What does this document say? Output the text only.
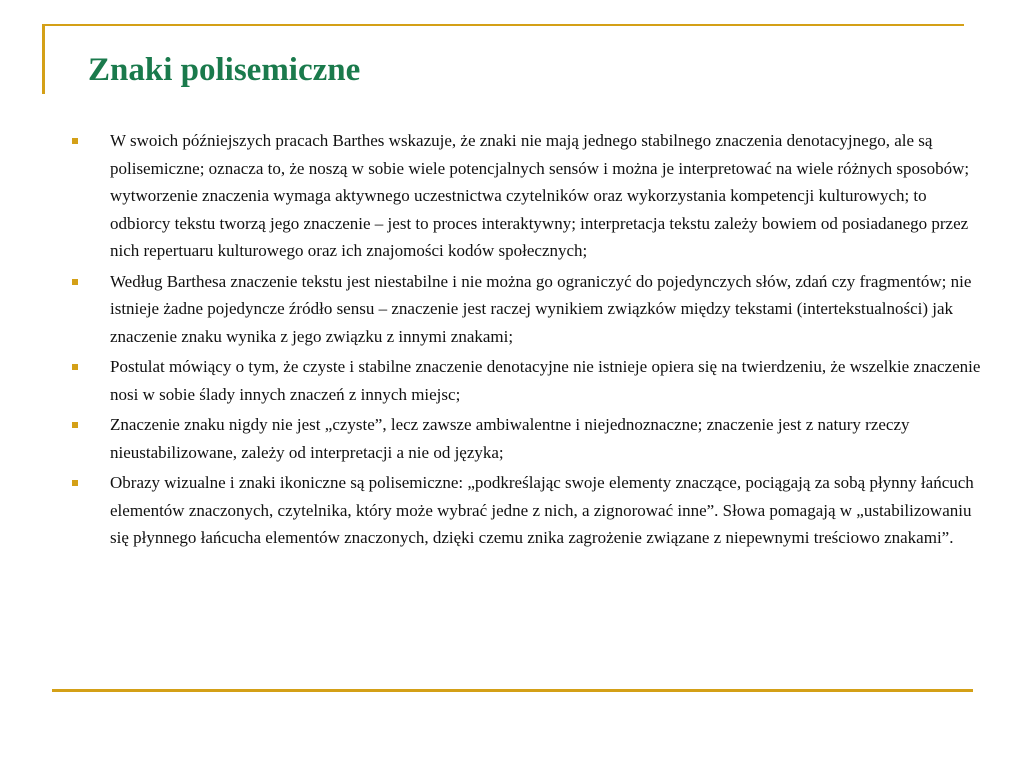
Znaki polisemiczne
W swoich późniejszych pracach Barthes wskazuje, że znaki nie mają jednego stabilnego znaczenia denotacyjnego, ale są polisemiczne; oznacza to, że noszą w sobie wiele potencjalnych sensów i można je interpretować na wiele różnych sposobów; wytworzenie znaczenia wymaga aktywnego uczestnictwa czytelników oraz wykorzystania kompetencji kulturowych; to odbiorcy tekstu tworzą jego znaczenie – jest to proces interaktywny; interpretacja tekstu zależy bowiem od posiadanego przez nich repertuaru kulturowego oraz ich znajomości kodów społecznych;
Według Barthesa znaczenie tekstu jest niestabilne i nie można go ograniczyć do pojedynczych słów, zdań czy fragmentów; nie istnieje żadne pojedyncze źródło sensu – znaczenie jest raczej wynikiem związków między tekstami (intertekstualności) jak znaczenie znaku wynika z jego związku z innymi znakami;
Postulat mówiący o tym, że czyste i stabilne znaczenie denotacyjne nie istnieje opiera się na twierdzeniu, że wszelkie znaczenie nosi w sobie ślady innych znaczeń z innych miejsc;
Znaczenie znaku nigdy nie jest „czyste”, lecz zawsze ambiwalentne i niejednoznaczne; znaczenie jest z natury rzeczy nieustabilizowane, zależy od interpretacji a nie od języka;
Obrazy wizualne i znaki ikoniczne są polisemiczne: „podkreślając swoje elementy znaczące, pociągają za sobą płynny łańcuch elementów znaczonych, czytelnika, który może wybrać jedne z nich, a zignorować inne”. Słowa pomagają w „ustabilizowaniu się płynnego łańcucha elementów znaczonych, dzięki czemu znika zagrożenie związane z niepewnymi treściowo znakami”.
